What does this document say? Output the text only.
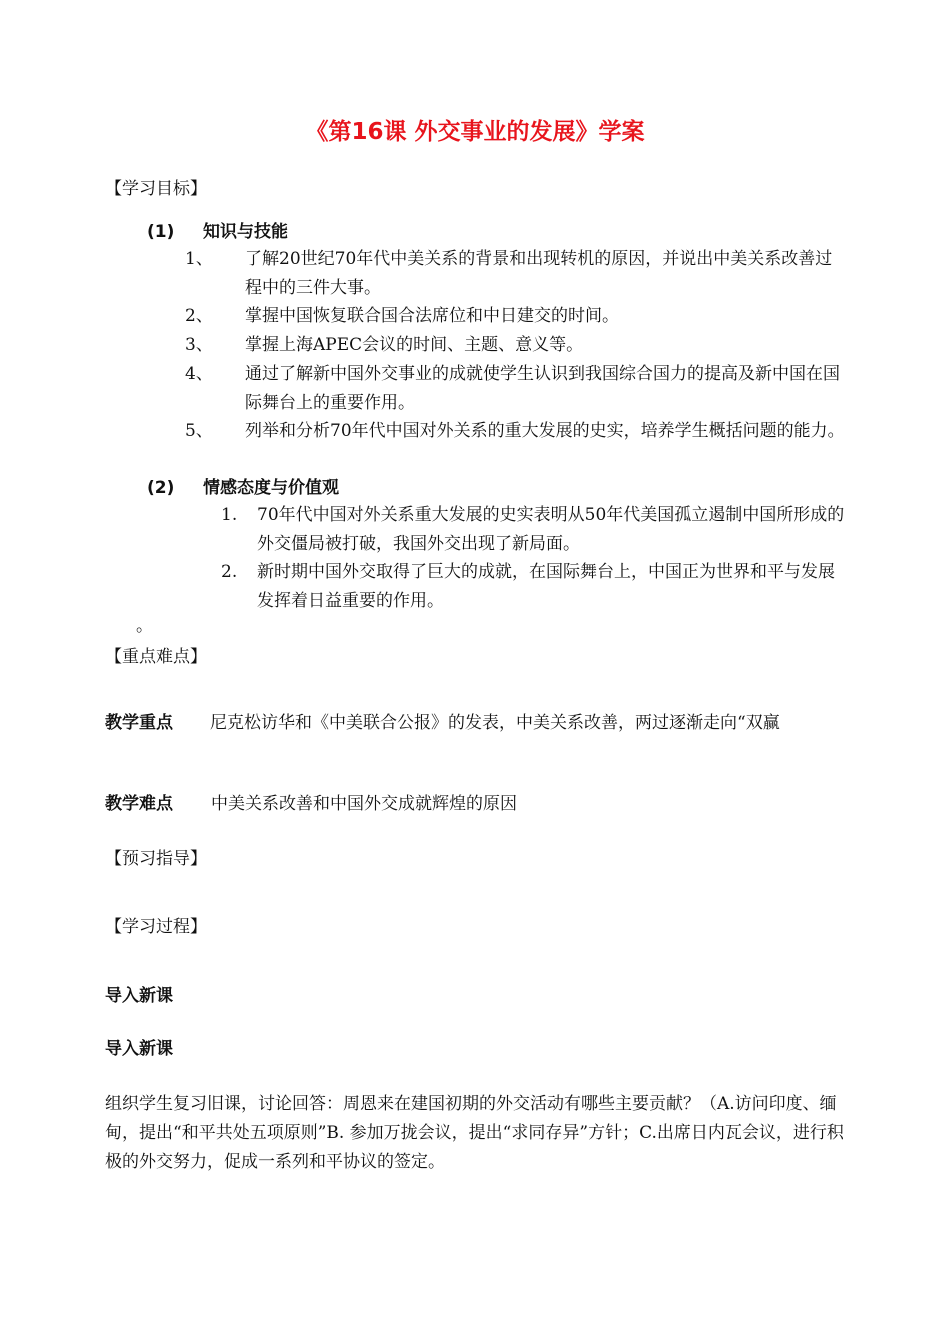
《第16课 外交事业的发展》学案
【学习目标】
(1) 知识与技能
1、 了解20世纪70年代中美关系的背景和出现转机的原因，并说出中美关系改善过程中的三件大事。
2、 掌握中国恢复联合国合法席位和中日建交的时间。
3、 掌握上海APEC会议的时间、主题、意义等。
4、 通过了解新中国外交事业的成就使学生认识到我国综合国力的提高及新中国在国际舞台上的重要作用。
5、 列举和分析70年代中国对外关系的重大发展的史实，培养学生概括问题的能力。
(2) 情感态度与价值观
1. 70年代中国对外关系重大发展的史实表明从50年代美国孤立遏制中国所形成的外交僵局被打破，我国外交出现了新局面。
2. 新时期中国外交取得了巨大的成就，在国际舞台上，中国正为世界和平与发展发挥着日益重要的作用。
。
【重点难点】
教学重点	尼克松访华和《中美联合公报》的发表，中美关系改善，两过逐渐走向“双赢
教学难点 中美关系改善和中国外交成就辉煌的原因
【预习指导】
【学习过程】
导入新课
导入新课
组织学生复习旧课，讨论回答：周恩来在建国初期的外交活动有哪些主要贡献？（A.访问印度、缅甸，提出“和平共处五项原则”B. 参加万拢会议，提出“求同存异”方针；C.出席日内瓦会议，进行积极的外交努力，促成一系列和平协议的签定。
